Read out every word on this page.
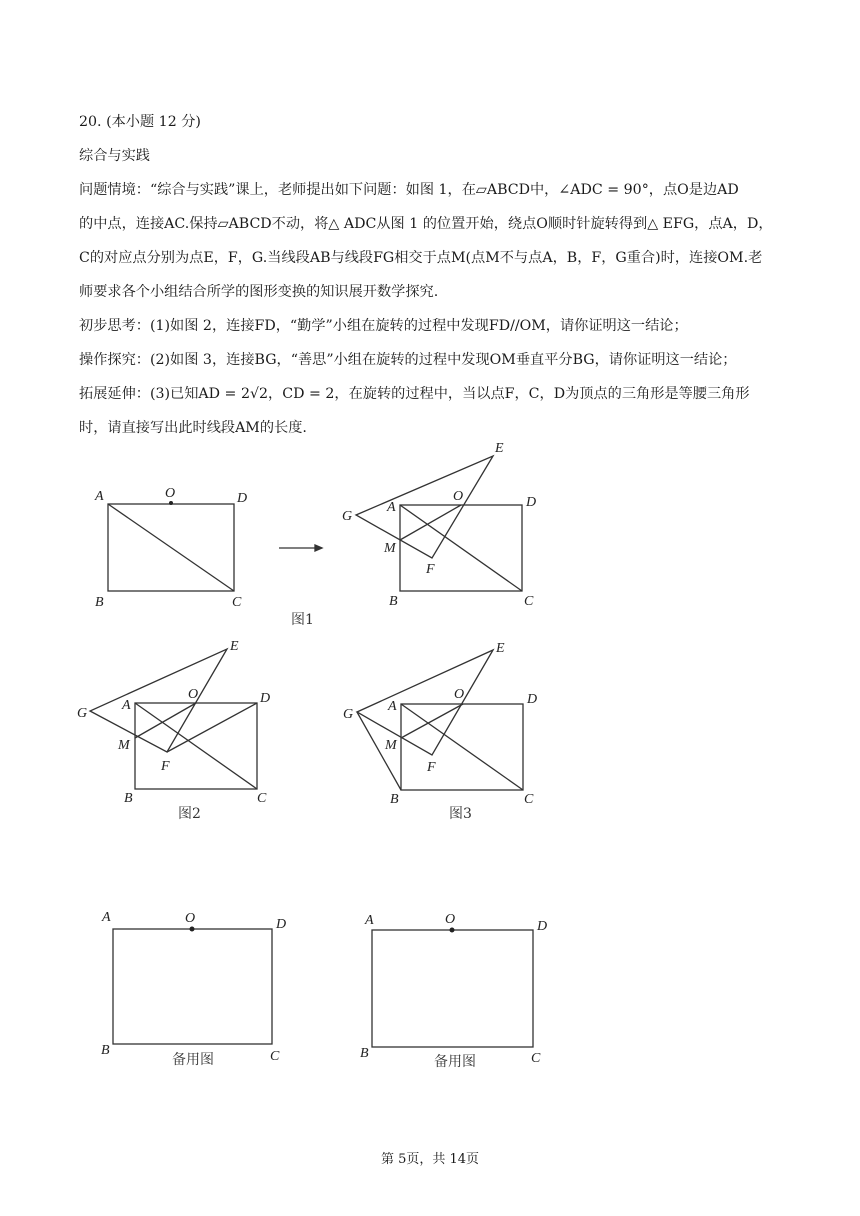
20. (本小题 12 分)
综合与实践
问题情境：“综合与实践”课上，老师提出如下问题：如图 1，在▱ABCD中，∠ADC = 90°，点O是边AD
的中点，连接AC.保持▱ABCD不动，将△ ADC从图 1 的位置开始，绕点O顺时针旋转得到△ EFG，点A，D，
C的对应点分别为点E，F，G.当线段AB与线段FG相交于点M(点M不与点A，B，F，G重合)时，连接OM.老
师要求各个小组结合所学的图形变换的知识展开数学探究.
初步思考：(1)如图 2，连接FD，“勤学”小组在旋转的过程中发现FD//OM，请你证明这一结论；
操作探究：(2)如图 3，连接BG，“善思”小组在旋转的过程中发现OM垂直平分BG，请你证明这一结论；
拓展延伸：(3)已知AD = 2√2，CD = 2，在旋转的过程中，当以点F，C，D为顶点的三角形是等腰三角形
时，请直接写出此时线段AM的长度.
A	O	D
B	C
E
G
A
O	D
M
F
B	C
图1
E
G
A
O	D
M
F
B	C
图2
E
G
A
O	D
M
F
B	C
图3
A	O	D
B	C
备用图
A	O	D
B	C
备用图
第 5页，共 14页
